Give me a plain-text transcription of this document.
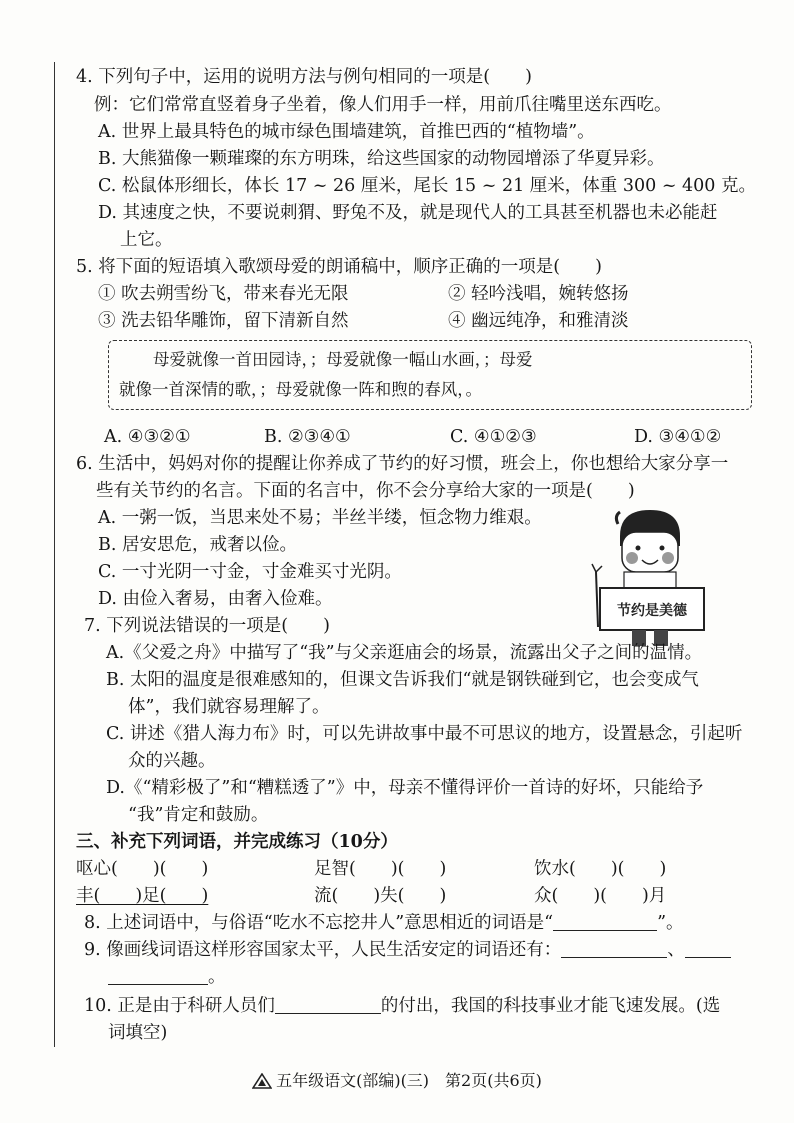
4. 下列句子中，运用的说明方法与例句相同的一项是(　　)
例：它们常常直竖着身子坐着，像人们用手一样，用前爪往嘴里送东西吃。
A. 世界上最具特色的城市绿色围墙建筑，首推巴西的“植物墙”。
B. 大熊猫像一颗璀璨的东方明珠，给这些国家的动物园增添了华夏异彩。
C. 松鼠体形细长，体长 17 ~ 26 厘米，尾长 15 ~ 21 厘米，体重 300 ~ 400 克。
D. 其速度之快，不要说刺猬、野兔不及，就是现代人的工具甚至机器也未必能赶
上它。
5. 将下面的短语填入歌颂母爱的朗诵稿中，顺序正确的一项是(　　)
① 吹去朔雪纷飞，带来春光无限	② 轻吟浅唱，婉转悠扬
③ 洗去铅华雕饰，留下清新自然	④ 幽远纯净，和雅清淡
母爱就像一首田园诗，；母爱就像一幅山水画，；母爱
就像一首深情的歌，；母爱就像一阵和煦的春风，。
A. ④③②①	B. ②③④①	C. ④①②③	D. ③④①②
6. 生活中，妈妈对你的提醒让你养成了节约的好习惯，班会上，你也想给大家分享一
些有关节约的名言。下面的名言中，你不会分享给大家的一项是(　　)
A. 一粥一饭，当思来处不易；半丝半缕，恒念物力维艰。
B. 居安思危，戒奢以俭。
C. 一寸光阴一寸金，寸金难买寸光阴。
D. 由俭入奢易，由奢入俭难。
节约是美德
7. 下列说法错误的一项是(　　)
A.《父爱之舟》中描写了“我”与父亲逛庙会的场景，流露出父子之间的温情。
B. 太阳的温度是很难感知的，但课文告诉我们“就是钢铁碰到它，也会变成气
体”，我们就容易理解了。
C. 讲述《猎人海力布》时，可以先讲故事中最不可思议的地方，设置悬念，引起听
众的兴趣。
D.《“精彩极了”和“糟糕透了”》中，母亲不懂得评价一首诗的好坏，只能给予
“我”肯定和鼓励。
三、补充下列词语，并完成练习（10分）
呕心(　　)(　　)	足智(　　)(　　)	饮水(　　)(　　)
丰(　　)足(　　)	流(　　)失(　　)	众(　　)(　　)月
8. 上述词语中，与俗语“吃水不忘挖井人”意思相近的词语是“	”。
9. 像画线词语这样形容国家太平，人民生活安定的词语还有：	、
。
10. 正是由于科研人员们	的付出，我国的科技事业才能飞速发展。(选
词填空)
五年级语文(部编)(三)　第2页(共6页)
